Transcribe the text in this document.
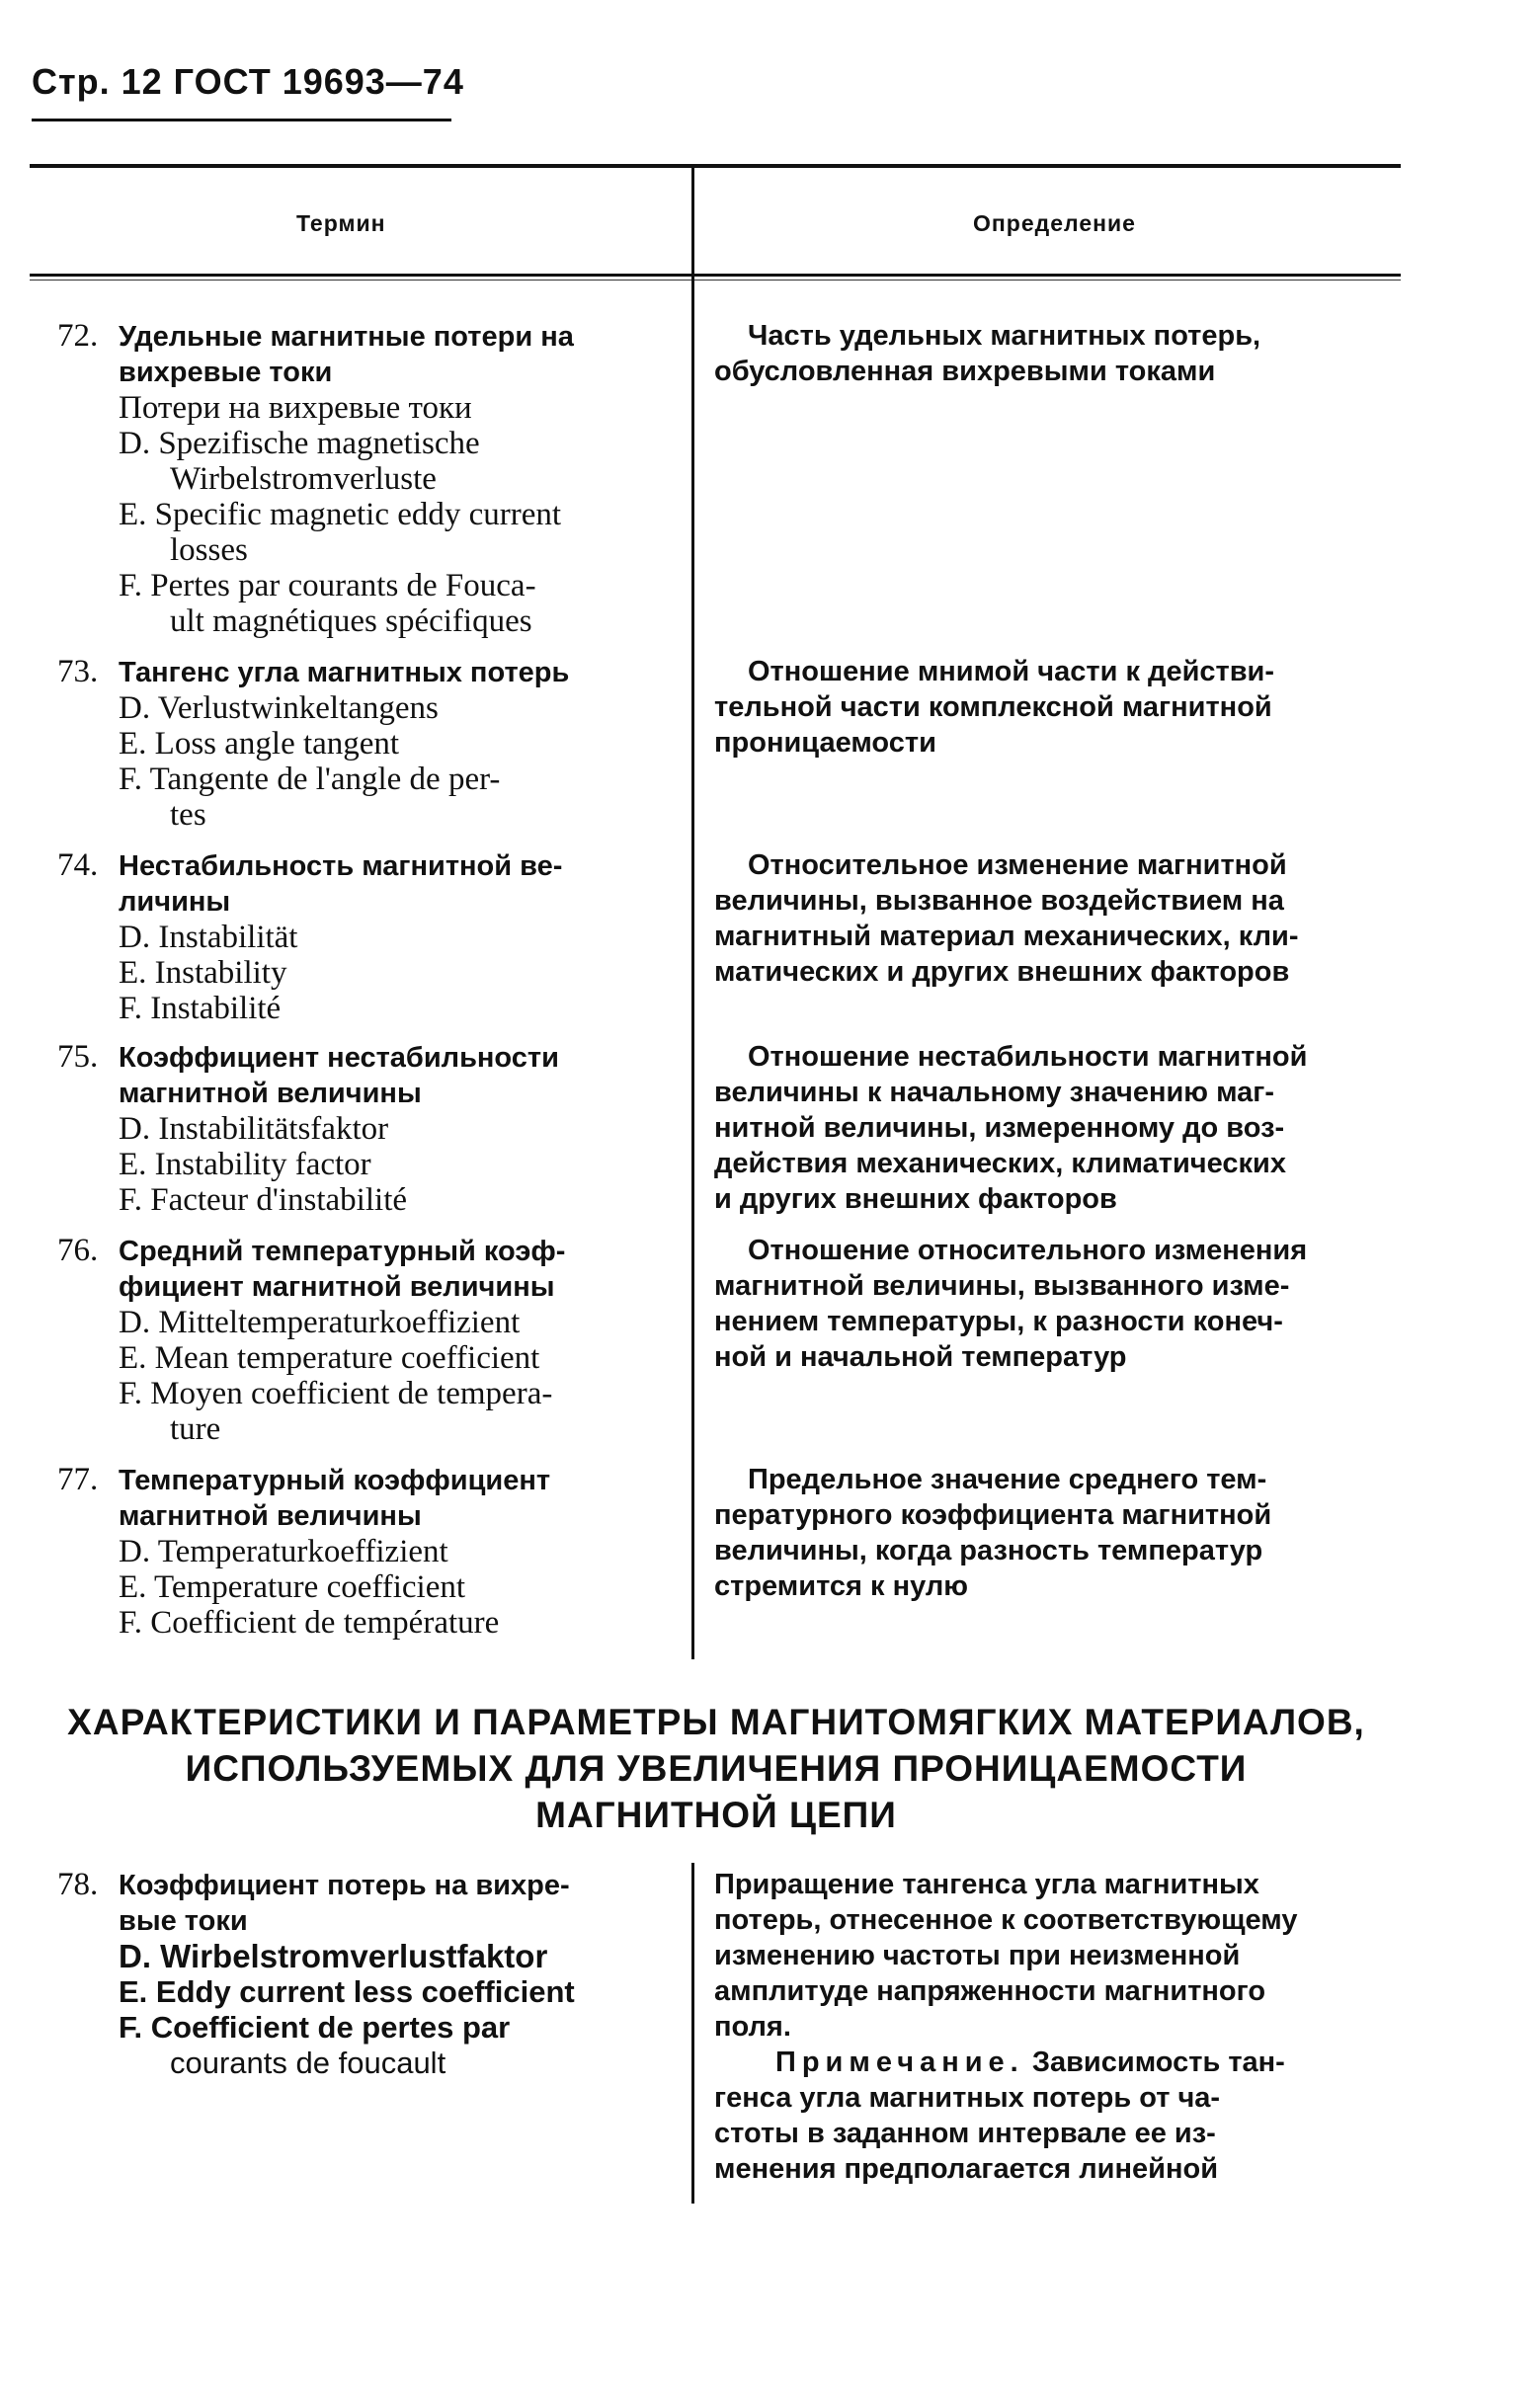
Стр. 12 ГОСТ 19693—74
Термин	Определение
72. Удельные магнитные потери на
вихревые токи
Потери на вихревые токи
D. Spezifische magnetische
Wirbelstromverluste
E. Specific magnetic eddy current
losses
F. Pertes par courants de Fouca-
ult magnétiques spécifiques
Часть удельных магнитных потерь,
обусловленная вихревыми токами
73. Тангенс угла магнитных потерь
D. Verlustwinkeltangens
E. Loss angle tangent
F. Tangente de l'angle de per-
tes
Отношение мнимой части к действи-
тельной части комплексной магнитной
проницаемости
74. Нестабильность магнитной ве-
личины
D. Instabilität
E. Instability
F. Instabilité
Относительное изменение магнитной
величины, вызванное воздействием на
магнитный материал механических, кли-
матических и других внешних факторов
75. Коэффициент нестабильности
магнитной величины
D. Instabilitätsfaktor
E. Instability factor
F. Facteur d'instabilité
Отношение нестабильности магнитной
величины к начальному значению маг-
нитной величины, измеренному до воз-
действия механических, климатических
и других внешних факторов
76. Средний температурный коэф-
фициент магнитной величины
D. Mitteltemperaturkoeffizient
E. Mean temperature coefficient
F. Moyen coefficient de tempera-
ture
Отношение относительного изменения
магнитной величины, вызванного изме-
нением температуры, к разности конеч-
ной и начальной температур
77. Температурный коэффициент
магнитной величины
D. Temperaturkoeffizient
E. Temperature coefficient
F. Coefficient de température
Предельное значение среднего тем-
пературного коэффициента магнитной
величины, когда разность температур
стремится к нулю
ХАРАКТЕРИСТИКИ И ПАРАМЕТРЫ МАГНИТОМЯГКИХ МАТЕРИАЛОВ,
ИСПОЛЬЗУЕМЫХ ДЛЯ УВЕЛИЧЕНИЯ ПРОНИЦАЕМОСТИ
МАГНИТНОЙ ЦЕПИ
78. Коэффициент потерь на вихре-
вые токи
D. Wirbelstromverlustfaktor
E. Eddy current less coefficient
F. Coefficient de pertes par
courants de foucault
Приращение тангенса угла магнитных
потерь, отнесенное к соответствующему
изменению частоты при неизменной
амплитуде напряженности магнитного
поля.
Примечание. Зависимость тан-
генса угла магнитных потерь от ча-
стоты в заданном интервале ее из-
менения предполагается линейной
